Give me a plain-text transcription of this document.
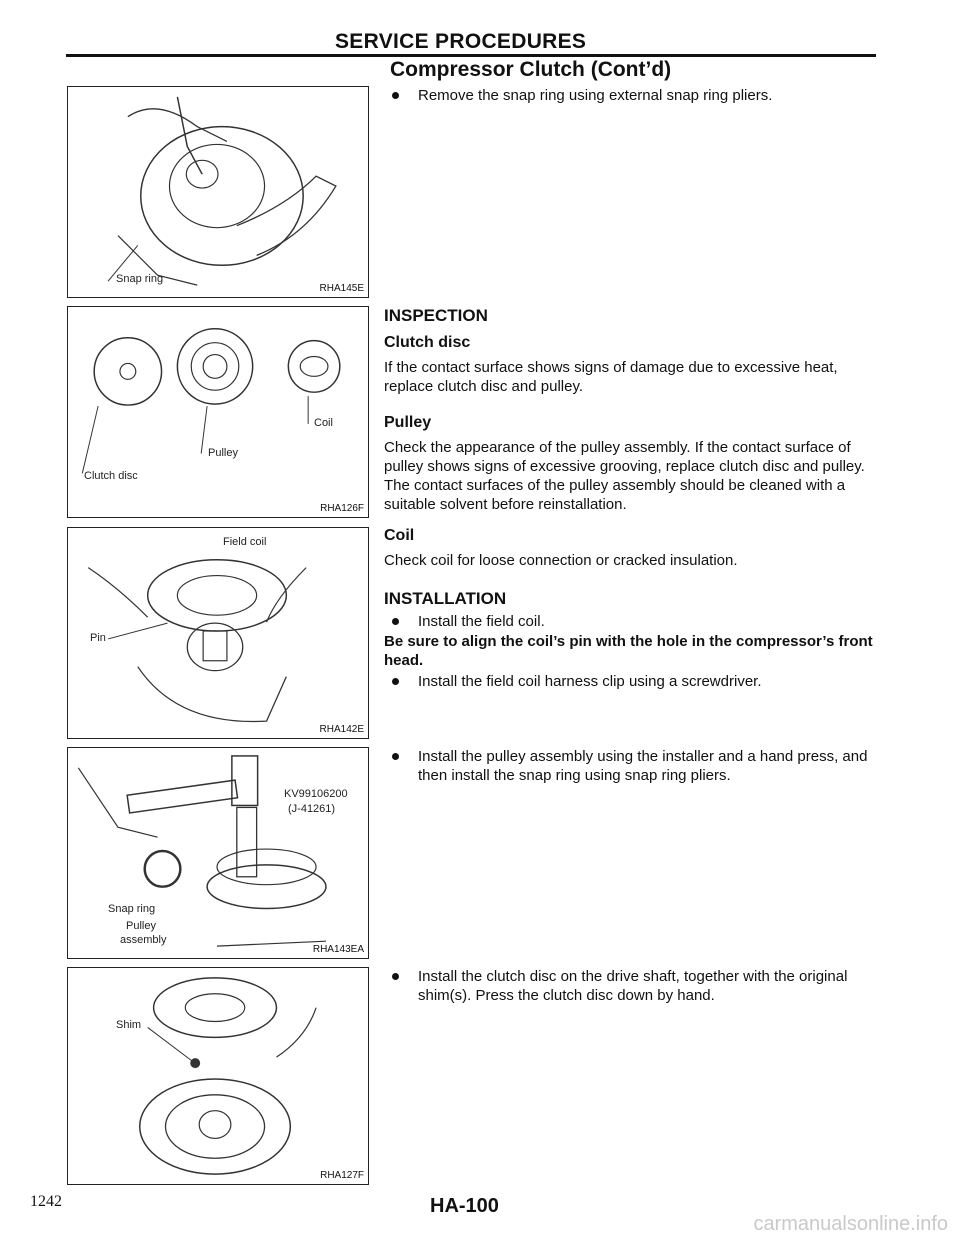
SERVICE PROCEDURES
Compressor Clutch (Cont’d)
Snap ring
RHA145E
Clutch disc
Pulley
Coil
RHA126F
Field coil
Pin
RHA142E
KV99106200
(J-41261)
Snap ring
Pulley
assembly
RHA143EA
Shim
RHA127F
Remove the snap ring using external snap ring pliers.
INSPECTION
Clutch disc
If the contact surface shows signs of damage due to excessive heat, replace clutch disc and pulley.
Pulley
Check the appearance of the pulley assembly. If the contact surface of pulley shows signs of excessive grooving, replace clutch disc and pulley. The contact surfaces of the pulley assembly should be cleaned with a suitable solvent before reinstallation.
Coil
Check coil for loose connection or cracked insulation.
INSTALLATION
Install the field coil.
Be sure to align the coil’s pin with the hole in the compressor’s front head.
Install the field coil harness clip using a screwdriver.
Install the pulley assembly using the installer and a hand press, and then install the snap ring using snap ring pliers.
Install the clutch disc on the drive shaft, together with the original shim(s). Press the clutch disc down by hand.
1242	HA-100
carmanualsonline.info
